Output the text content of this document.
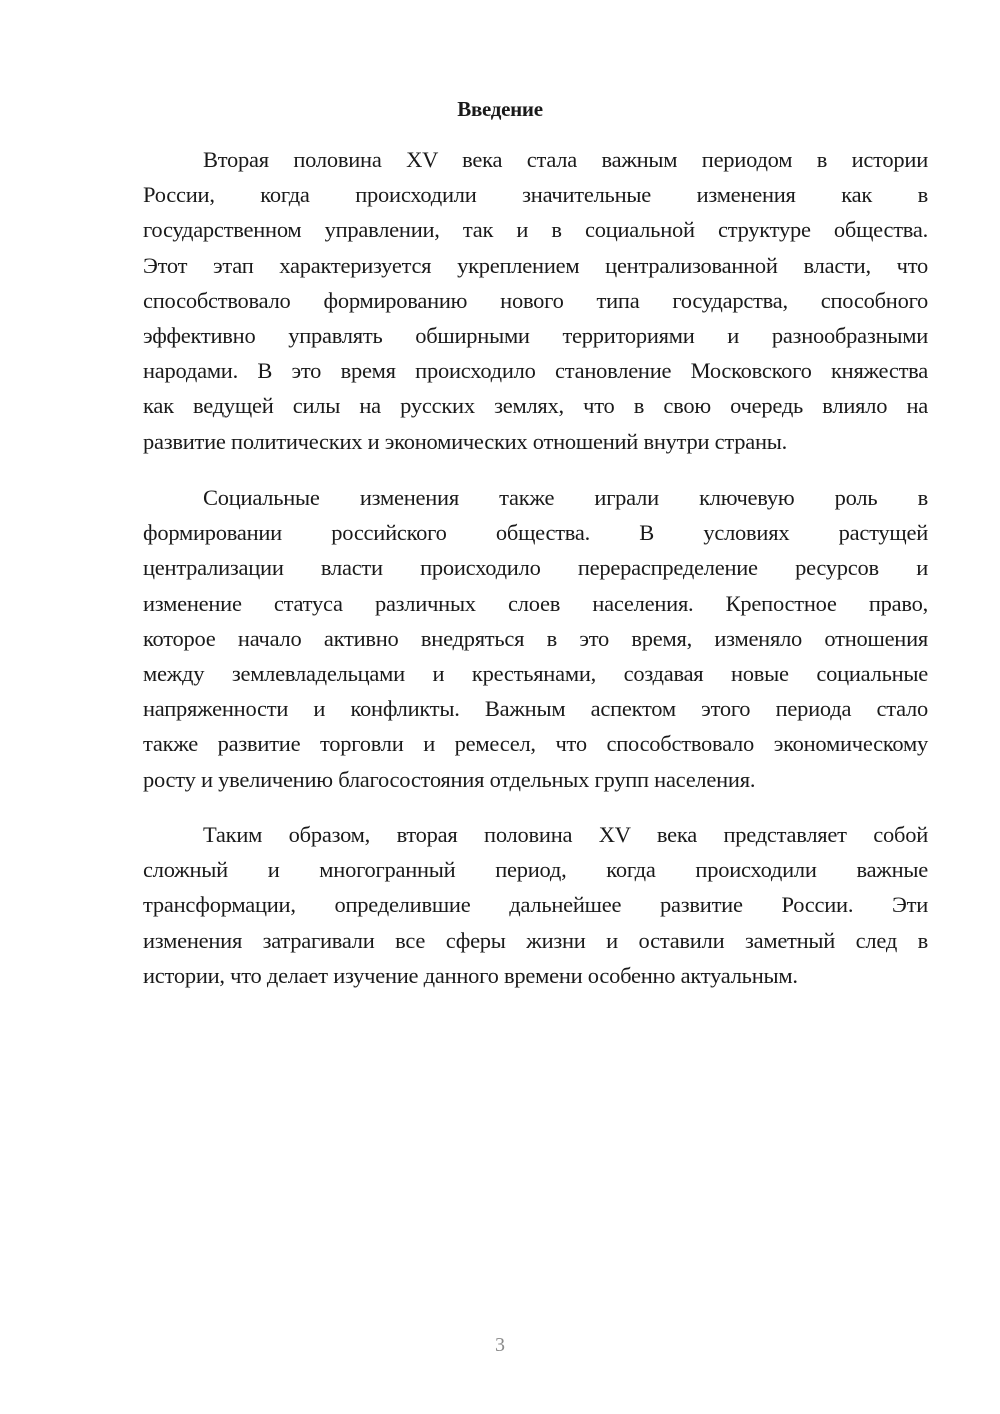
Введение
Вторая половина XV века стала важным периодом в истории
России, когда происходили значительные изменения как в
государственном управлении, так и в социальной структуре общества.
Этот этап характеризуется укреплением централизованной власти, что
способствовало формированию нового типа государства, способного
эффективно управлять обширными территориями и разнообразными
народами. В это время происходило становление Московского княжества
как ведущей силы на русских землях, что в свою очередь влияло на
развитие политических и экономических отношений внутри страны.
Социальные изменения также играли ключевую роль в
формировании российского общества. В условиях растущей
централизации власти происходило перераспределение ресурсов и
изменение статуса различных слоев населения. Крепостное право,
которое начало активно внедряться в это время, изменяло отношения
между землевладельцами и крестьянами, создавая новые социальные
напряженности и конфликты. Важным аспектом этого периода стало
также развитие торговли и ремесел, что способствовало экономическому
росту и увеличению благосостояния отдельных групп населения.
Таким образом, вторая половина XV века представляет собой
сложный и многогранный период, когда происходили важные
трансформации, определившие дальнейшее развитие России. Эти
изменения затрагивали все сферы жизни и оставили заметный след в
истории, что делает изучение данного времени особенно актуальным.
3
